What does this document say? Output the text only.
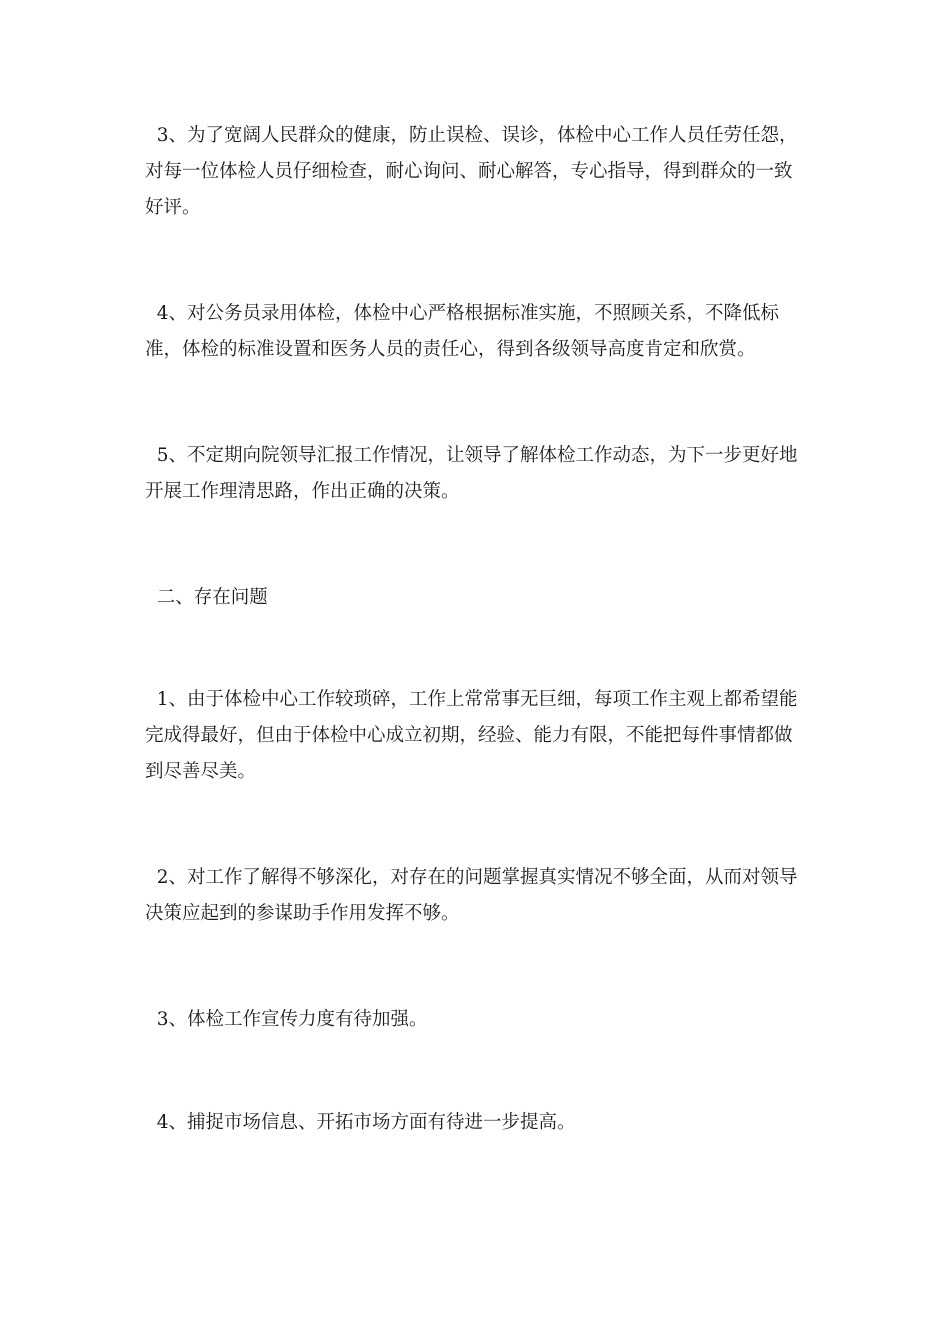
3、为了宽阔人民群众的健康，防止误检、误诊，体检中心工作人员任劳任怨，对每一位体检人员仔细检查，耐心询问、耐心解答，专心指导，得到群众的一致好评。

4、对公务员录用体检，体检中心严格根据标准实施，不照顾关系，不降低标准，体检的标准设置和医务人员的责任心，得到各级领导高度肯定和欣赏。

5、不定期向院领导汇报工作情况，让领导了解体检工作动态，为下一步更好地开展工作理清思路，作出正确的决策。

二、存在问题

1、由于体检中心工作较琐碎，工作上常常事无巨细，每项工作主观上都希望能完成得最好，但由于体检中心成立初期，经验、能力有限，不能把每件事情都做到尽善尽美。

2、对工作了解得不够深化，对存在的问题掌握真实情况不够全面，从而对领导决策应起到的参谋助手作用发挥不够。

3、体检工作宣传力度有待加强。

4、捕捉市场信息、开拓市场方面有待进一步提高。
